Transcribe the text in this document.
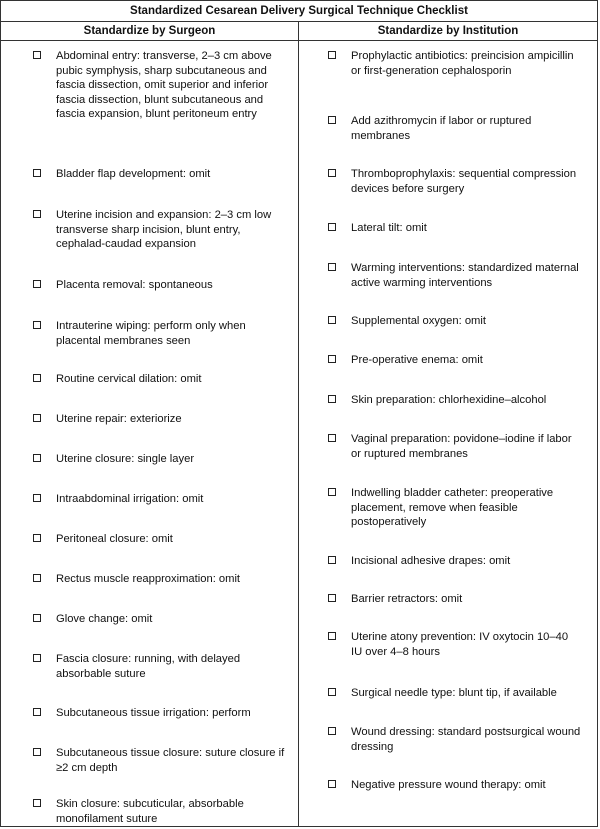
Standardized Cesarean Delivery Surgical Technique Checklist
Standardize by Surgeon	Standardize by Institution
Abdominal entry: transverse, 2–3 cm above pubic symphysis, sharp subcutaneous and fascia dissection, omit superior and inferior fascia dissection, blunt subcutaneous and fascia expansion, blunt peritoneum entry
Bladder flap development: omit
Uterine incision and expansion: 2–3 cm low transverse sharp incision, blunt entry, cephalad-caudad expansion
Placenta removal: spontaneous
Intrauterine wiping: perform only when placental membranes seen
Routine cervical dilation: omit
Uterine repair: exteriorize
Uterine closure: single layer
Intraabdominal irrigation: omit
Peritoneal closure: omit
Rectus muscle reapproximation: omit
Glove change: omit
Fascia closure: running, with delayed absorbable suture
Subcutaneous tissue irrigation: perform
Subcutaneous tissue closure: suture closure if ≥2 cm depth
Skin closure: subcuticular, absorbable monofilament suture
Prophylactic antibiotics: preincision ampicillin or first-generation cephalosporin
Add azithromycin if labor or ruptured membranes
Thromboprophylaxis: sequential compression devices before surgery
Lateral tilt: omit
Warming interventions: standardized maternal active warming interventions
Supplemental oxygen: omit
Pre-operative enema: omit
Skin preparation: chlorhexidine–alcohol
Vaginal preparation: povidone–iodine if labor or ruptured membranes
Indwelling bladder catheter: preoperative placement, remove when feasible postoperatively
Incisional adhesive drapes: omit
Barrier retractors: omit
Uterine atony prevention: IV oxytocin 10–40 IU over 4–8 hours
Surgical needle type: blunt tip, if available
Wound dressing: standard postsurgical wound dressing
Negative pressure wound therapy: omit
